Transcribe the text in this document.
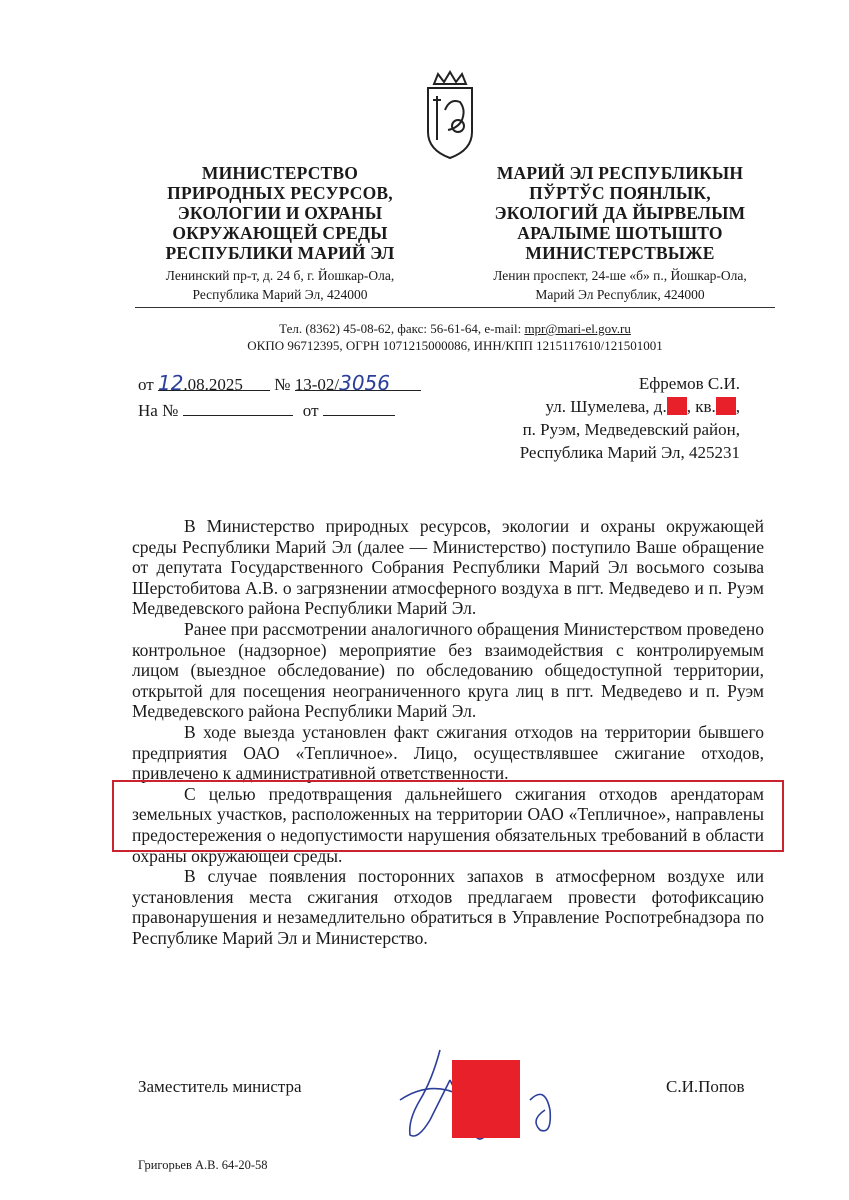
МИНИСТЕРСТВО
ПРИРОДНЫХ РЕСУРСОВ,
ЭКОЛОГИИ И ОХРАНЫ
ОКРУЖАЮЩЕЙ СРЕДЫ
РЕСПУБЛИКИ МАРИЙ ЭЛ
Ленинский пр-т, д. 24 б, г. Йошкар-Ола,
Республика Марий Эл, 424000
МАРИЙ ЭЛ РЕСПУБЛИКЫН
ПЎРТЎС ПОЯНЛЫК,
ЭКОЛОГИЙ ДА ЙЫРВЕЛЫМ
АРАЛЫМЕ ШОТЫШТО
МИНИСТЕРСТВЫЖЕ
Ленин проспект, 24-ше «б» п., Йошкар-Ола,
Марий Эл Республик, 424000
Тел. (8362) 45-08-62, факс: 56-61-64, e-mail: mpr@mari-el.gov.ru
ОКПО 96712395, ОГРН 1071215000086, ИНН/КПП 1215117610/121501001
от 12.08.2025 № 13-02/3056
На №	от
Ефремов С.И.
ул. Шумелева, д. , кв. ,
п. Руэм, Медведевский район,
Республика Марий Эл, 425231

В Министерство природных ресурсов, экологии и охраны окружающей среды Республики Марий Эл (далее — Министерство) поступило Ваше обращение от депутата Государственного Собрания Республики Марий Эл восьмого созыва Шерстобитова А.В. о загрязнении атмосферного воздуха в пгт. Медведево и п. Руэм Медведевского района Республики Марий Эл.

Ранее при рассмотрении аналогичного обращения Министерством проведено контрольное (надзорное) мероприятие без взаимодействия с контролируемым лицом (выездное обследование) по обследованию общедоступной территории, открытой для посещения неограниченного круга лиц в пгт. Медведево и п. Руэм Медведевского района Республики Марий Эл.

В ходе выезда установлен факт сжигания отходов на территории бывшего предприятия ОАО «Тепличное». Лицо, осуществлявшее сжигание отходов, привлечено к административной ответственности.

С целью предотвращения дальнейшего сжигания отходов арендаторам земельных участков, расположенных на территории ОАО «Тепличное», направлены предостережения о недопустимости нарушения обязательных требований в области охраны окружающей среды.

В случае появления посторонних запахов в атмосферном воздухе или установления места сжигания отходов предлагаем провести фотофиксацию правонарушения и незамедлительно обратиться в Управление Роспотребнадзора по Республике Марий Эл и Министерство.

Заместитель министра	С.И.Попов
Григорьев А.В. 64-20-58
